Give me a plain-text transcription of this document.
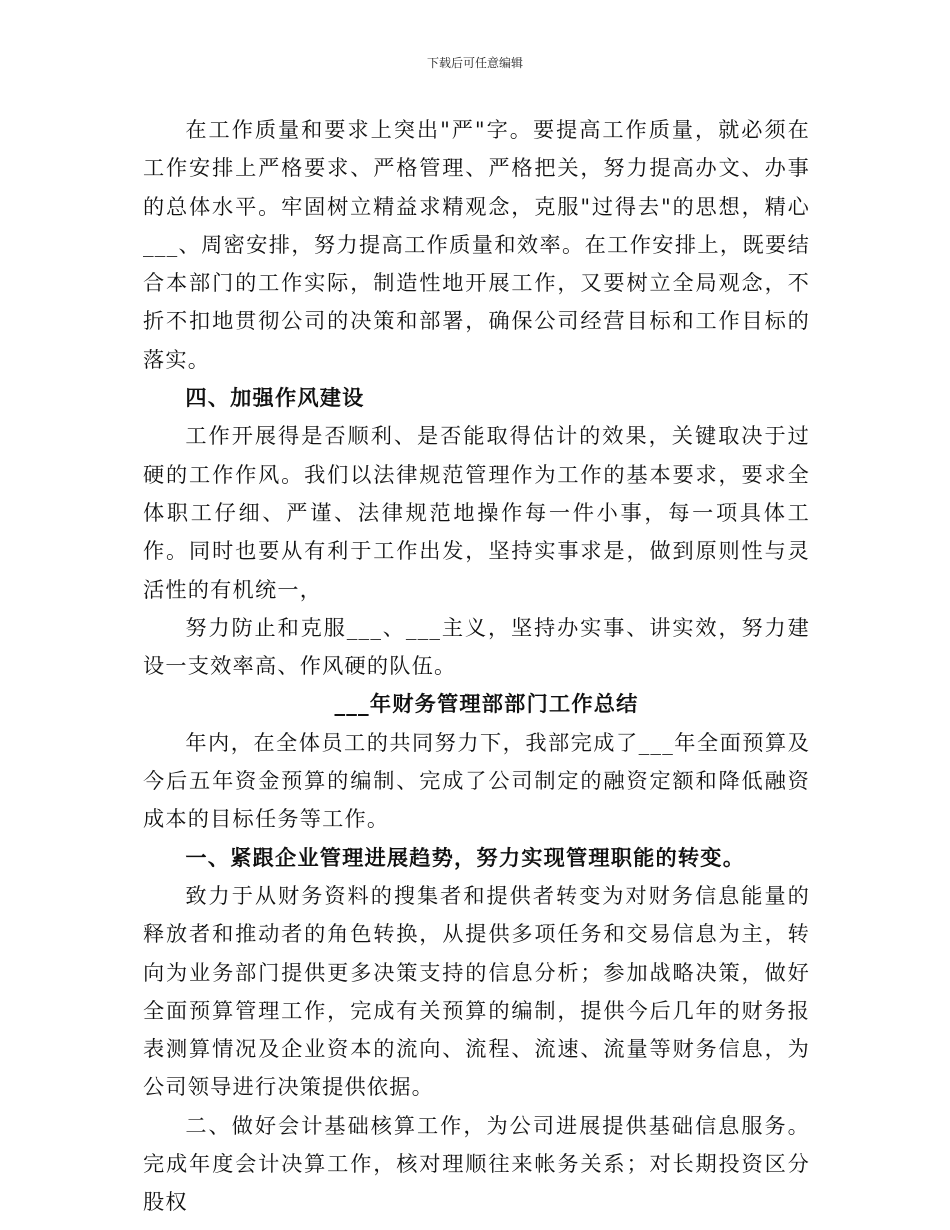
下载后可任意编辑

在工作质量和要求上突出"严"字。要提高工作质量，就必须在工作安排上严格要求、严格管理、严格把关，努力提高办文、办事的总体水平。牢固树立精益求精观念，克服"过得去"的思想，精心___、周密安排，努力提高工作质量和效率。在工作安排上，既要结合本部门的工作实际，制造性地开展工作，又要树立全局观念，不折不扣地贯彻公司的决策和部署，确保公司经营目标和工作目标的落实。

四、加强作风建设

工作开展得是否顺利、是否能取得估计的效果，关键取决于过硬的工作作风。我们以法律规范管理作为工作的基本要求，要求全体职工仔细、严谨、法律规范地操作每一件小事，每一项具体工作。同时也要从有利于工作出发，坚持实事求是，做到原则性与灵活性的有机统一，

努力防止和克服___、___主义，坚持办实事、讲实效，努力建设一支效率高、作风硬的队伍。

___年财务管理部部门工作总结

年内，在全体员工的共同努力下，我部完成了___年全面预算及今后五年资金预算的编制、完成了公司制定的融资定额和降低融资成本的目标任务等工作。

一、紧跟企业管理进展趋势，努力实现管理职能的转变。

致力于从财务资料的搜集者和提供者转变为对财务信息能量的释放者和推动者的角色转换，从提供多项任务和交易信息为主，转向为业务部门提供更多决策支持的信息分析；参加战略决策，做好全面预算管理工作，完成有关预算的编制，提供今后几年的财务报表测算情况及企业资本的流向、流程、流速、流量等财务信息，为公司领导进行决策提供依据。

二、做好会计基础核算工作，为公司进展提供基础信息服务。完成年度会计决算工作，核对理顺往来帐务关系；对长期投资区分股权
